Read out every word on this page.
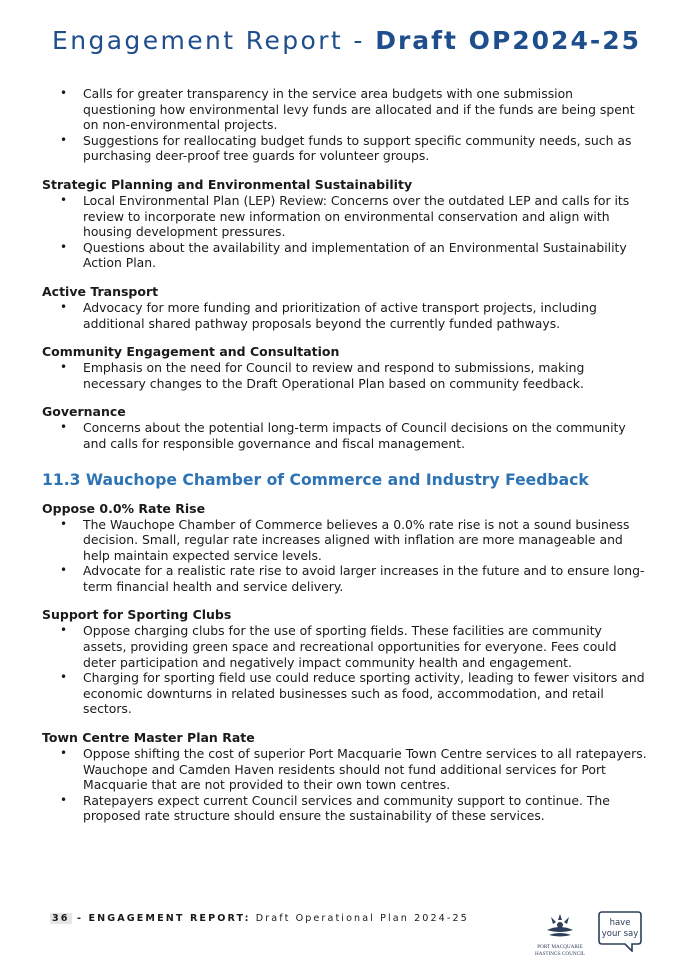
Engagement Report - Draft OP2024-25
• Calls for greater transparency in the service area budgets with one submission questioning how environmental levy funds are allocated and if the funds are being spent on non-environmental projects.
• Suggestions for reallocating budget funds to support specific community needs, such as purchasing deer-proof tree guards for volunteer groups.
Strategic Planning and Environmental Sustainability
• Local Environmental Plan (LEP) Review: Concerns over the outdated LEP and calls for its review to incorporate new information on environmental conservation and align with housing development pressures.
• Questions about the availability and implementation of an Environmental Sustainability Action Plan.
Active Transport
• Advocacy for more funding and prioritization of active transport projects, including additional shared pathway proposals beyond the currently funded pathways.
Community Engagement and Consultation
• Emphasis on the need for Council to review and respond to submissions, making necessary changes to the Draft Operational Plan based on community feedback.
Governance
• Concerns about the potential long-term impacts of Council decisions on the community and calls for responsible governance and fiscal management.
11.3 Wauchope Chamber of Commerce and Industry Feedback
Oppose 0.0% Rate Rise
• The Wauchope Chamber of Commerce believes a 0.0% rate rise is not a sound business decision. Small, regular rate increases aligned with inflation are more manageable and help maintain expected service levels.
• Advocate for a realistic rate rise to avoid larger increases in the future and to ensure long-term financial health and service delivery.
Support for Sporting Clubs
• Oppose charging clubs for the use of sporting fields. These facilities are community assets, providing green space and recreational opportunities for everyone. Fees could deter participation and negatively impact community health and engagement.
• Charging for sporting field use could reduce sporting activity, leading to fewer visitors and economic downturns in related businesses such as food, accommodation, and retail sectors.
Town Centre Master Plan Rate
• Oppose shifting the cost of superior Port Macquarie Town Centre services to all ratepayers. Wauchope and Camden Haven residents should not fund additional services for Port Macquarie that are not provided to their own town centres.
• Ratepayers expect current Council services and community support to continue. The proposed rate structure should ensure the sustainability of these services.
36 - ENGAGEMENT REPORT: Draft Operational Plan 2024-25
PORT MACQUARIE
HASTINGS COUNCIL
have
your say
